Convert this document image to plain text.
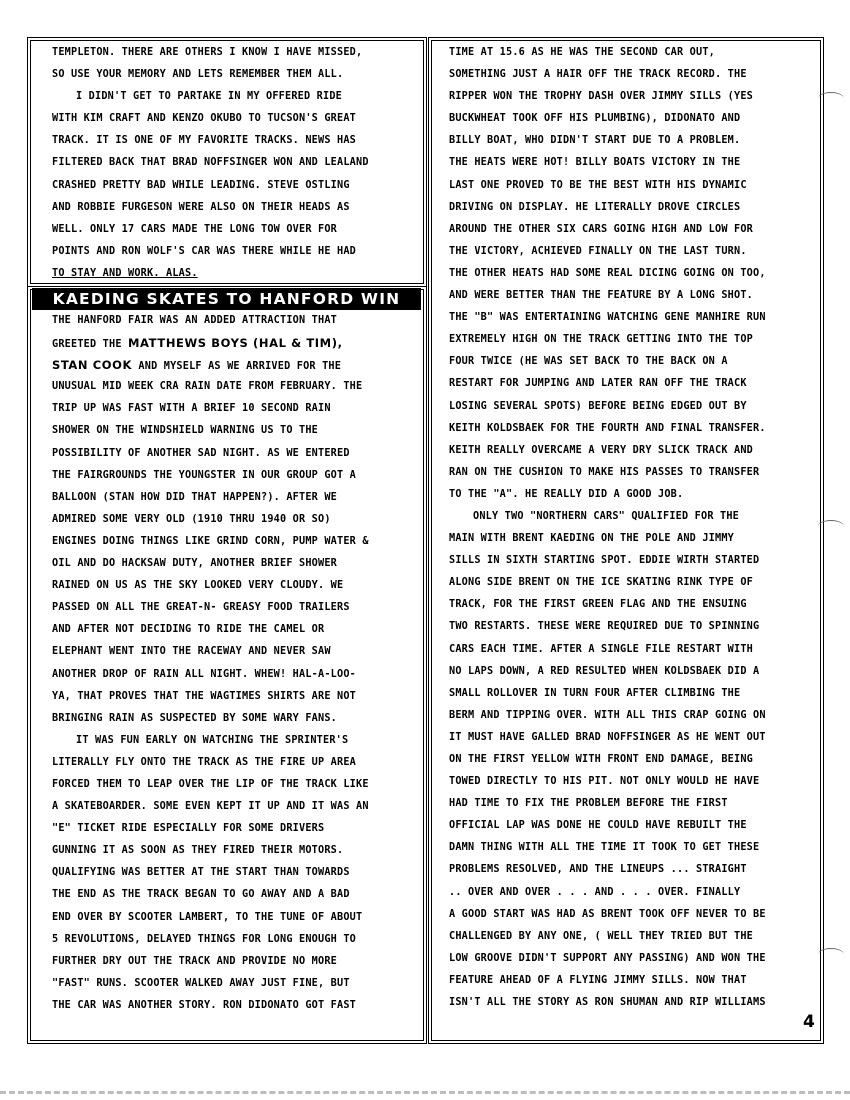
TEMPLETON. THERE ARE OTHERS I KNOW I HAVE MISSED,
SO USE YOUR MEMORY AND LETS REMEMBER THEM ALL.
I DIDN'T GET TO PARTAKE IN MY OFFERED RIDE
WITH KIM CRAFT AND KENZO OKUBO TO TUCSON'S GREAT
TRACK. IT IS ONE OF MY FAVORITE TRACKS. NEWS HAS
FILTERED BACK THAT BRAD NOFFSINGER WON AND LEALAND
CRASHED PRETTY BAD WHILE LEADING. STEVE OSTLING
AND ROBBIE FURGESON WERE ALSO ON THEIR HEADS AS
WELL. ONLY 17 CARS MADE THE LONG TOW OVER FOR
POINTS AND RON WOLF'S CAR WAS THERE WHILE HE HAD
TO STAY AND WORK. ALAS.
KAEDING SKATES TO HANFORD WIN
THE HANFORD FAIR WAS AN ADDED ATTRACTION THAT
GREETED THE MATTHEWS BOYS (HAL & TIM),
STAN COOK AND MYSELF AS WE ARRIVED FOR THE
UNUSUAL MID WEEK CRA RAIN DATE FROM FEBRUARY. THE
TRIP UP WAS FAST WITH A BRIEF 10 SECOND RAIN
SHOWER ON THE WINDSHIELD WARNING US TO THE
POSSIBILITY OF ANOTHER SAD NIGHT. AS WE ENTERED
THE FAIRGROUNDS THE YOUNGSTER IN OUR GROUP GOT A
BALLOON (STAN HOW DID THAT HAPPEN?). AFTER WE
ADMIRED SOME VERY OLD (1910 THRU 1940 OR SO)
ENGINES DOING THINGS LIKE GRIND CORN, PUMP WATER &
OIL AND DO HACKSAW DUTY, ANOTHER BRIEF SHOWER
RAINED ON US AS THE SKY LOOKED VERY CLOUDY. WE
PASSED ON ALL THE GREAT-N- GREASY FOOD TRAILERS
AND AFTER NOT DECIDING TO RIDE THE CAMEL OR
ELEPHANT WENT INTO THE RACEWAY AND NEVER SAW
ANOTHER DROP OF RAIN ALL NIGHT. WHEW! HAL-A-LOO-
YA, THAT PROVES THAT THE WAGTIMES SHIRTS ARE NOT
BRINGING RAIN AS SUSPECTED BY SOME WARY FANS.
IT WAS FUN EARLY ON WATCHING THE SPRINTER'S
LITERALLY FLY ONTO THE TRACK AS THE FIRE UP AREA
FORCED THEM TO LEAP OVER THE LIP OF THE TRACK LIKE
A SKATEBOARDER. SOME EVEN KEPT IT UP AND IT WAS AN
"E" TICKET RIDE ESPECIALLY FOR SOME DRIVERS
GUNNING IT AS SOON AS THEY FIRED THEIR MOTORS.
QUALIFYING WAS BETTER AT THE START THAN TOWARDS
THE END AS THE TRACK BEGAN TO GO AWAY AND A BAD
END OVER BY SCOOTER LAMBERT, TO THE TUNE OF ABOUT
5 REVOLUTIONS, DELAYED THINGS FOR LONG ENOUGH TO
FURTHER DRY OUT THE TRACK AND PROVIDE NO MORE
"FAST" RUNS. SCOOTER WALKED AWAY JUST FINE, BUT
THE CAR WAS ANOTHER STORY. RON DIDONATO GOT FAST
TIME AT 15.6 AS HE WAS THE SECOND CAR OUT,
SOMETHING JUST A HAIR OFF THE TRACK RECORD. THE
RIPPER WON THE TROPHY DASH OVER JIMMY SILLS (YES
BUCKWHEAT TOOK OFF HIS PLUMBING), DIDONATO AND
BILLY BOAT, WHO DIDN'T START DUE TO A PROBLEM.
THE HEATS WERE HOT! BILLY BOATS VICTORY IN THE
LAST ONE PROVED TO BE THE BEST WITH HIS DYNAMIC
DRIVING ON DISPLAY. HE LITERALLY DROVE CIRCLES
AROUND THE OTHER SIX CARS GOING HIGH AND LOW FOR
THE VICTORY, ACHIEVED FINALLY ON THE LAST TURN.
THE OTHER HEATS HAD SOME REAL DICING GOING ON TOO,
AND WERE BETTER THAN THE FEATURE BY A LONG SHOT.
THE "B" WAS ENTERTAINING WATCHING GENE MANHIRE RUN
EXTREMELY HIGH ON THE TRACK GETTING INTO THE TOP
FOUR TWICE (HE WAS SET BACK TO THE BACK ON A
RESTART FOR JUMPING AND LATER RAN OFF THE TRACK
LOSING SEVERAL SPOTS) BEFORE BEING EDGED OUT BY
KEITH KOLDSBAEK FOR THE FOURTH AND FINAL TRANSFER.
KEITH REALLY OVERCAME A VERY DRY SLICK TRACK AND
RAN ON THE CUSHION TO MAKE HIS PASSES TO TRANSFER
TO THE "A". HE REALLY DID A GOOD JOB.
ONLY TWO "NORTHERN CARS" QUALIFIED FOR THE
MAIN WITH BRENT KAEDING ON THE POLE AND JIMMY
SILLS IN SIXTH STARTING SPOT. EDDIE WIRTH STARTED
ALONG SIDE BRENT ON THE ICE SKATING RINK TYPE OF
TRACK, FOR THE FIRST GREEN FLAG AND THE ENSUING
TWO RESTARTS. THESE WERE REQUIRED DUE TO SPINNING
CARS EACH TIME. AFTER A SINGLE FILE RESTART WITH
NO LAPS DOWN, A RED RESULTED WHEN KOLDSBAEK DID A
SMALL ROLLOVER IN TURN FOUR AFTER CLIMBING THE
BERM AND TIPPING OVER. WITH ALL THIS CRAP GOING ON
IT MUST HAVE GALLED BRAD NOFFSINGER AS HE WENT OUT
ON THE FIRST YELLOW WITH FRONT END DAMAGE, BEING
TOWED DIRECTLY TO HIS PIT. NOT ONLY WOULD HE HAVE
HAD TIME TO FIX THE PROBLEM BEFORE THE FIRST
OFFICIAL LAP WAS DONE HE COULD HAVE REBUILT THE
DAMN THING WITH ALL THE TIME IT TOOK TO GET THESE
PROBLEMS RESOLVED, AND THE LINEUPS ... STRAIGHT
.. OVER AND OVER . . . AND . . . OVER. FINALLY
A GOOD START WAS HAD AS BRENT TOOK OFF NEVER TO BE
CHALLENGED BY ANY ONE, ( WELL THEY TRIED BUT THE
LOW GROOVE DIDN'T SUPPORT ANY PASSING) AND WON THE
FEATURE AHEAD OF A FLYING JIMMY SILLS. NOW THAT
ISN'T ALL THE STORY AS RON SHUMAN AND RIP WILLIAMS
4
